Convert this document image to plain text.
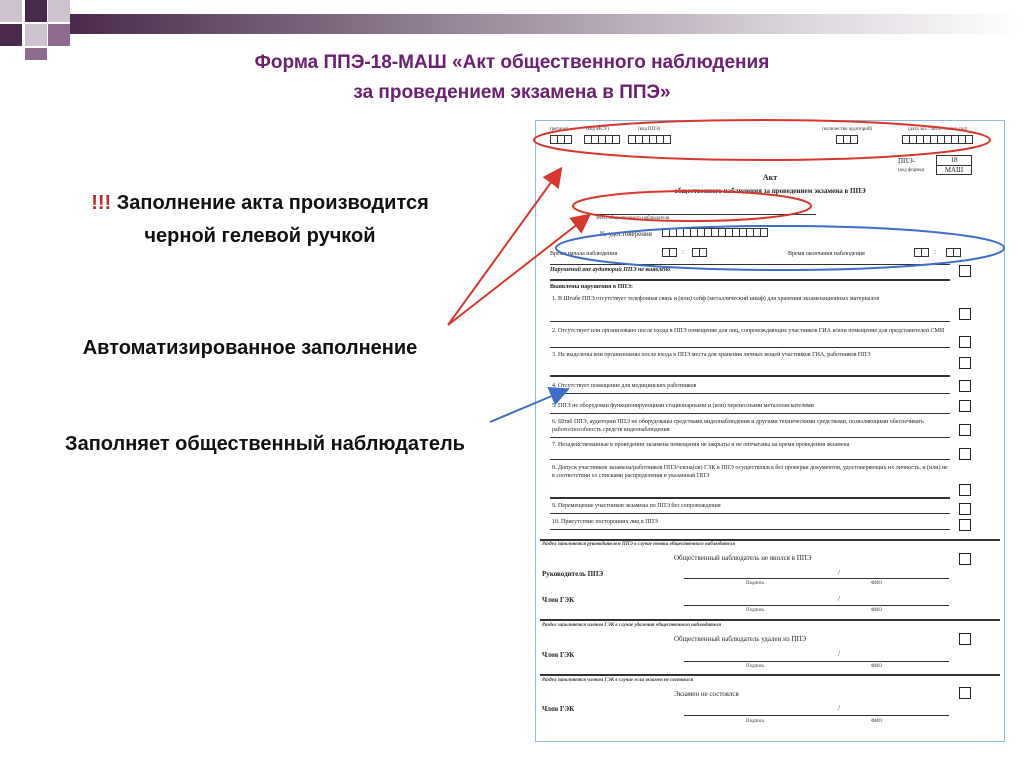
Форма ППЭ-18-МАШ «Акт общественного наблюдения
за проведением экзамена в ППЭ»
!!! Заполнение акта производится
черной гелевой ручкой
Автоматизированное заполнение
Заполняет общественный наблюдатель
(регион)	(код МСУ)	(код ППЭ)	(количество аудиторий)	(дата экз.: число-месяц-год)
ППЭ-
(код формы)
18
МАШ
Акт
общественного наблюдения за проведением экзамена в ППЭ
ФИО общественного наблюдателя
№ удостоверения
Время начала наблюдения	:	Время окончания наблюдения	:
Нарушений вне аудиторий ППЭ не выявлено
Выявлены нарушения в ППЭ:
1. В Штабе ППЭ отсутствует телефонная связь и (или) сейф (металлический шкаф) для хранения экзаменационных материалов
2. Отсутствует или организовано после входа в ППЭ помещение для лиц, сопровождающих участников ГИА и/или помещение для представителей СМИ
3. Не выделены или организованы после входа в ППЭ места для хранения личных вещей участников ГИА, работников ППЭ
4. Отсутствует помещение для медицинских работников
5. ППЭ не оборудован функционирующими стационарными и (или) переносными металлоискателями
6. Штаб ППЭ, аудитории ППЭ не оборудованы средствами видеонаблюдения и другими техническими средствами, позволяющими обеспечивать работоспособность средств видеонаблюдения
7. Незадействованные в проведении экзамена помещения не закрыты и не опечатаны на время проведения экзамена
8. Допуск участников экзамена/работников ППЭ/члена(ов) ГЭК в ППЭ осуществлялся без проверки документов, удостоверяющих их личность, и (или) не в соответствии со списками распределения в указанный ППЭ
9. Перемещение участников экзамена по ППЭ без сопровождения
10. Присутствие посторонних лиц в ППЭ
Раздел заполняется руководителем ППЭ в случае неявки общественного наблюдателя
Общественный наблюдатель не явился в ППЭ
Руководитель ППЭ	/
Подпись	ФИО
Член ГЭК	/
Подпись	ФИО
Раздел заполняется членом ГЭК в случае удаления общественного наблюдателя
Общественный наблюдатель удален из ППЭ
Член ГЭК	/
Подпись	ФИО
Раздел заполняется членом ГЭК в случае если экзамен не состоялся
Экзамен не состоялся
Член ГЭК	/
Подпись	ФИО
